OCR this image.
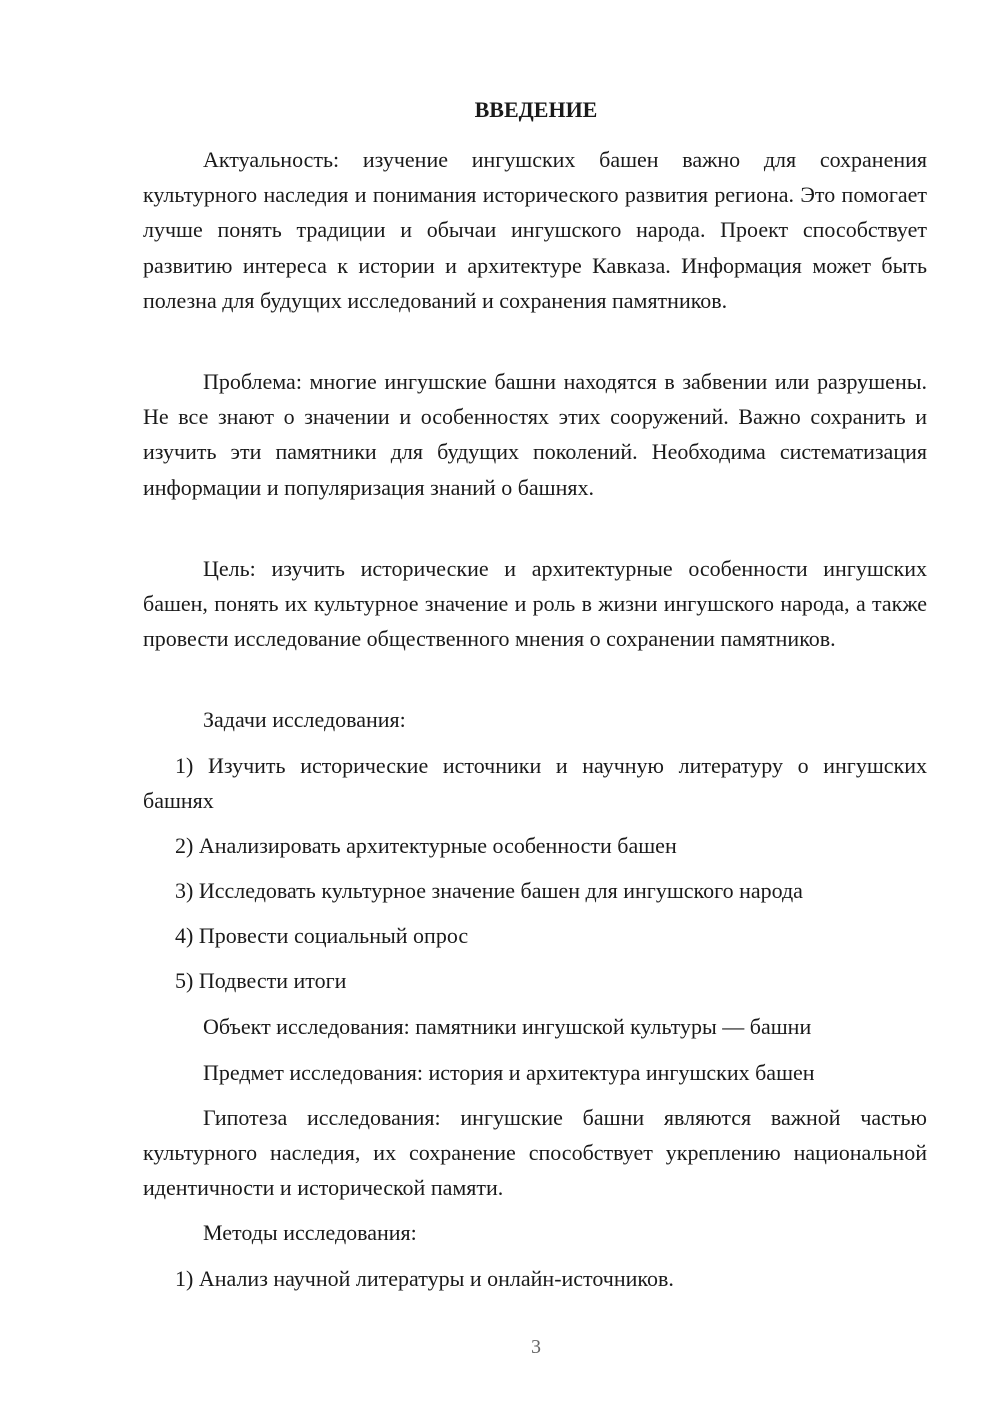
ВВЕДЕНИЕ

Актуальность: изучение ингушских башен важно для сохранения культурного наследия и понимания исторического развития региона. Это помогает лучше понять традиции и обычаи ингушского народа. Проект способствует развитию интереса к истории и архитектуре Кавказа. Информация может быть полезна для будущих исследований и сохранения памятников.

Проблема: многие ингушские башни находятся в забвении или разрушены. Не все знают о значении и особенностях этих сооружений. Важно сохранить и изучить эти памятники для будущих поколений. Необходима систематизация информации и популяризация знаний о башнях.

Цель: изучить исторические и архитектурные особенности ингушских башен, понять их культурное значение и роль в жизни ингушского народа, а также провести исследование общественного мнения о сохранении памятников.

Задачи исследования:

1) Изучить исторические источники и научную литературу о ингушских башнях

2) Анализировать архитектурные особенности башен

3) Исследовать культурное значение башен для ингушского народа

4) Провести социальный опрос

5) Подвести итоги

Объект исследования: памятники ингушской культуры — башни

Предмет исследования: история и архитектура ингушских башен

Гипотеза исследования: ингушские башни являются важной частью культурного наследия, их сохранение способствует укреплению национальной идентичности и исторической памяти.

Методы исследования:

1) Анализ научной литературы и онлайн-источников.

3
